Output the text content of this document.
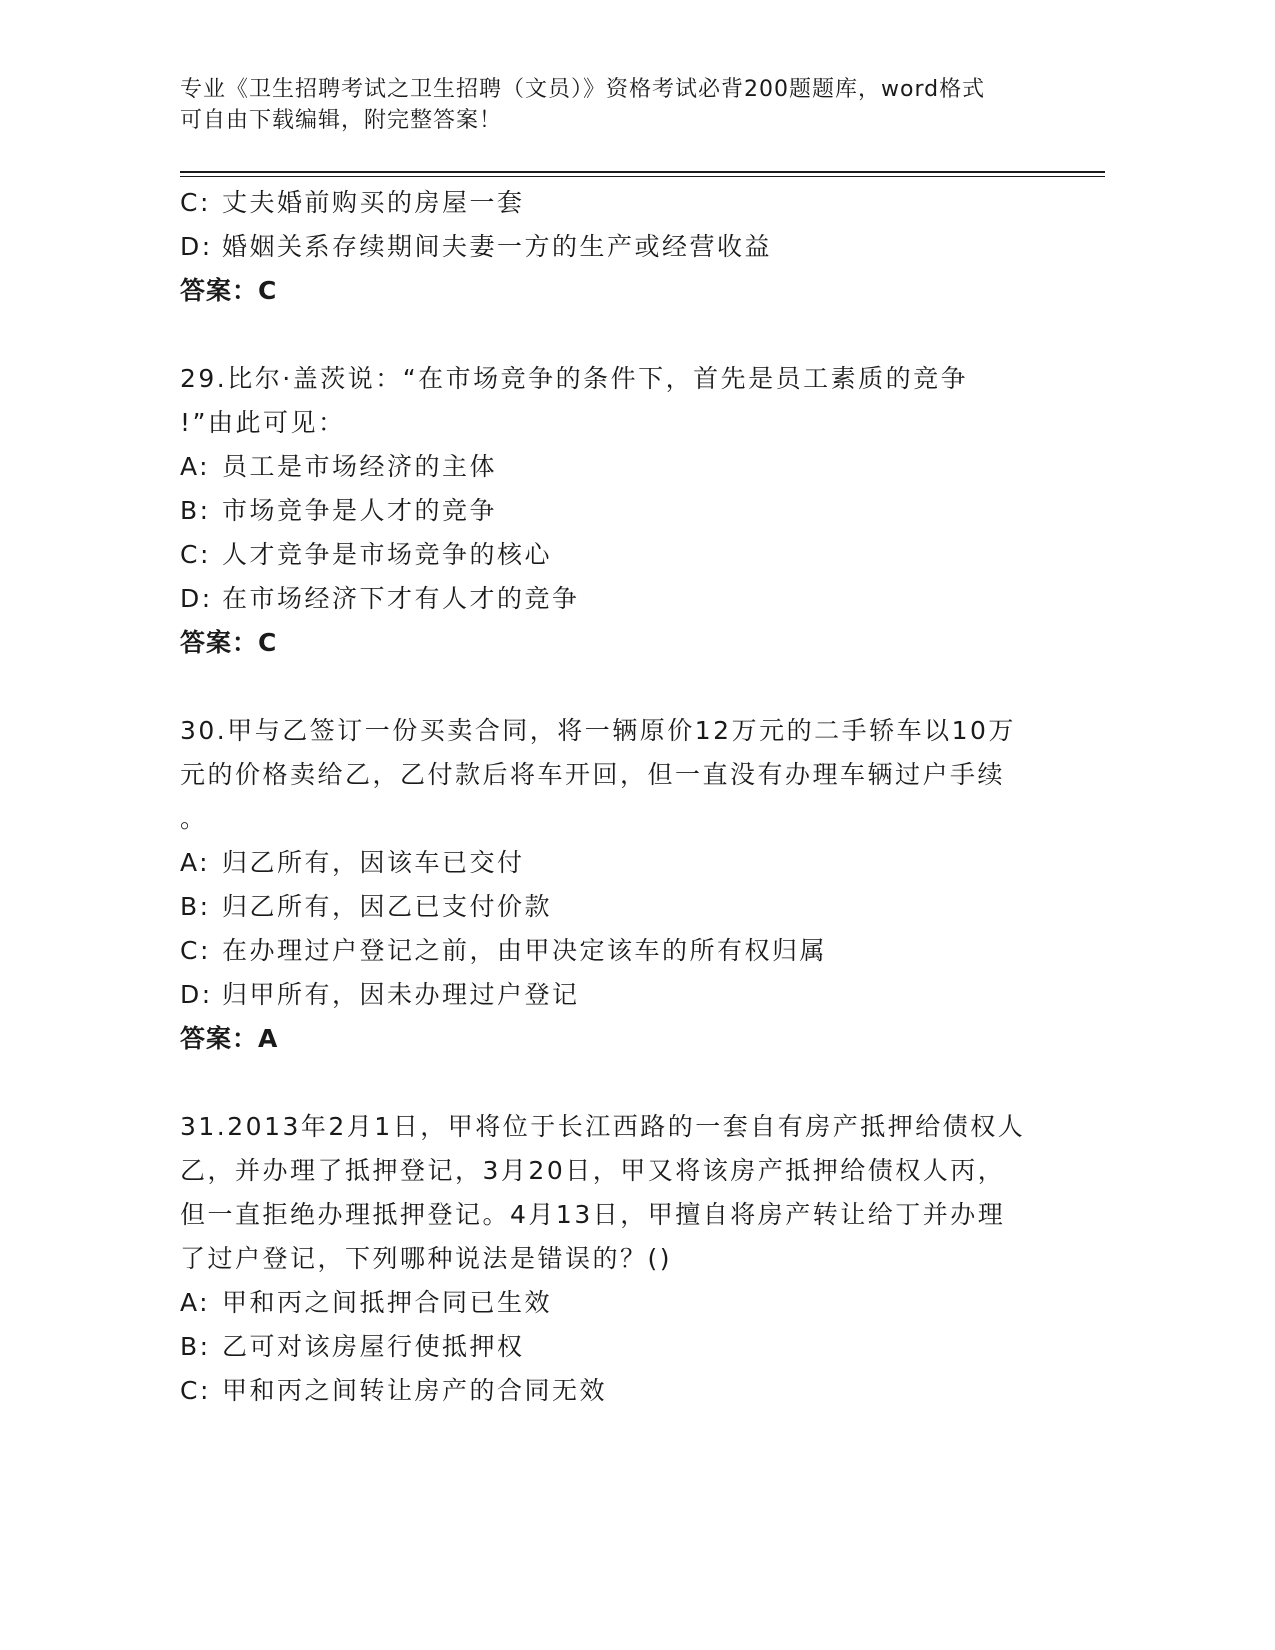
专业《卫生招聘考试之卫生招聘（文员）》资格考试必背200题题库，word格式
可自由下载编辑，附完整答案！
C: 丈夫婚前购买的房屋一套
D: 婚姻关系存续期间夫妻一方的生产或经营收益
答案：C
29.比尔·盖茨说：“在市场竞争的条件下，首先是员工素质的竞争
!”由此可见：
A: 员工是市场经济的主体
B: 市场竞争是人才的竞争
C: 人才竞争是市场竞争的核心
D: 在市场经济下才有人才的竞争
答案：C
30.甲与乙签订一份买卖合同，将一辆原价12万元的二手轿车以10万
元的价格卖给乙，乙付款后将车开回，但一直没有办理车辆过户手续
。
A: 归乙所有，因该车已交付
B: 归乙所有，因乙已支付价款
C: 在办理过户登记之前，由甲决定该车的所有权归属
D: 归甲所有，因未办理过户登记
答案：A
31.2013年2月1日，甲将位于长江西路的一套自有房产抵押给债权人
乙，并办理了抵押登记，3月20日，甲又将该房产抵押给债权人丙，
但一直拒绝办理抵押登记。4月13日，甲擅自将房产转让给丁并办理
了过户登记，下列哪种说法是错误的？()
A: 甲和丙之间抵押合同已生效
B: 乙可对该房屋行使抵押权
C: 甲和丙之间转让房产的合同无效
